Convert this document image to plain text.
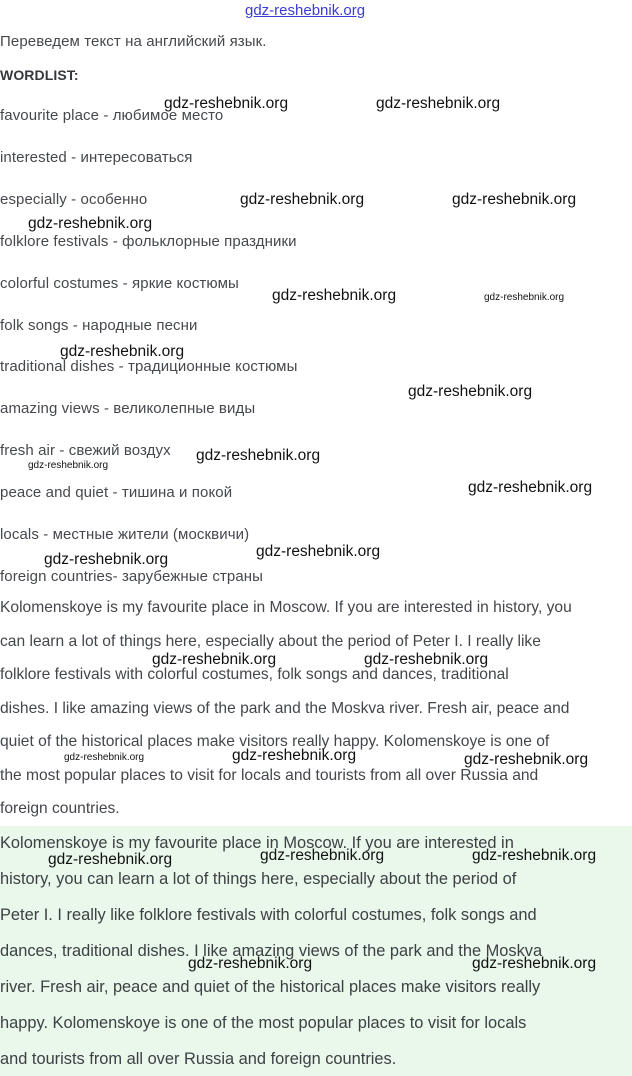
gdz-reshebnik.org
Переведем текст на английский язык.
WORDLIST:
favourite place - любимое место
interested - интересоваться
especially - особенно
folklore festivals - фольклорные праздники
colorful costumes - яркие костюмы
folk songs - народные песни
traditional dishes - традиционные костюмы
amazing views - великолепные виды
fresh air - свежий воздух
peace and quiet - тишина и покой
locals - местные жители (москвичи)
foreign countries- зарубежные страны
Kolomenskoye is my favourite place in Moscow. If you are interested in history, you
can learn a lot of things here, especially about the period of Peter I. I really like
folklore festivals with colorful costumes, folk songs and dances, traditional
dishes. I like amazing views of the park and the Moskva river. Fresh air, peace and
quiet of the historical places make visitors really happy. Kolomenskoye is one of
the most popular places to visit for locals and tourists from all over Russia and
foreign countries.
Kolomenskoye is my favourite place in Moscow. If you are interested in
history, you can learn a lot of things here, especially about the period of
Peter I. I really like folklore festivals with colorful costumes, folk songs and
dances, traditional dishes. I like amazing views of the park and the Moskva
river. Fresh air, peace and quiet of the historical places make visitors really
happy. Kolomenskoye is one of the most popular places to visit for locals
and tourists from all over Russia and foreign countries.
gdz-reshebnik.org	gdz-reshebnik.org
gdz-reshebnik.org	gdz-reshebnik.org
gdz-reshebnik.org
gdz-reshebnik.org	gdz-reshebnik.org
gdz-reshebnik.org
gdz-reshebnik.org
gdz-reshebnik.org
gdz-reshebnik.org
gdz-reshebnik.org
gdz-reshebnik.org
gdz-reshebnik.org
gdz-reshebnik.org	gdz-reshebnik.org
gdz-reshebnik.org
gdz-reshebnik.org	gdz-reshebnik.org
gdz-reshebnik.org	gdz-reshebnik.org
gdz-reshebnik.org
gdz-reshebnik.org	gdz-reshebnik.org
